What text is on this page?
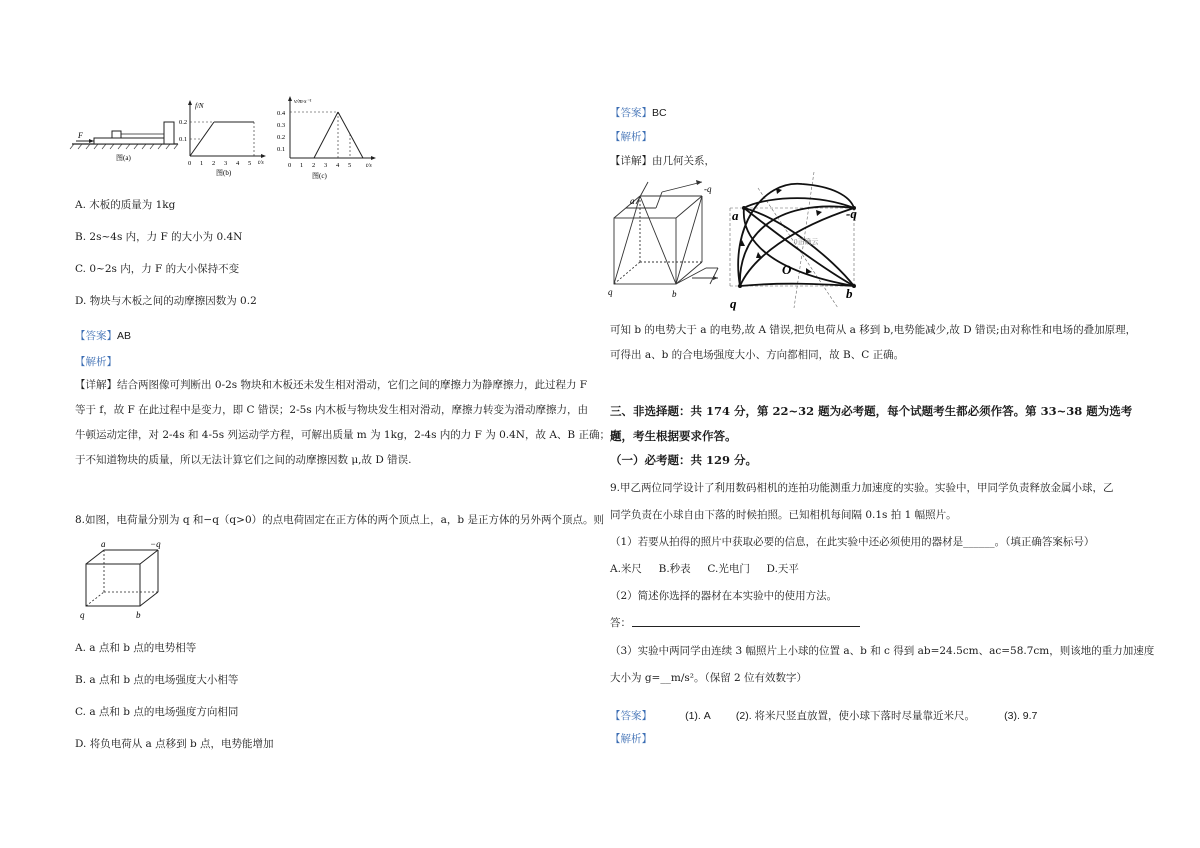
F
图(a)
f/N
0.2
0.1
0 1 2 3 4 5 t/s
图(b)
v/m·s⁻¹
0.4
0.3
0.2
0.1
0 1 2 3 4 5 t/s
图(c)
A. 木板的质量为 1kg
B. 2s~4s 内，力 F 的大小为 0.4N
C. 0~2s 内，力 F 的大小保持不变
D. 物块与木板之间的动摩擦因数为 0.2
【答案】AB
【解析】
【详解】结合两图像可判断出 0-2s 物块和木板还未发生相对滑动，它们之间的摩擦力为静摩擦力，此过程力 F
等于 f，故 F 在此过程中是变力，即 C 错误；2-5s 内木板与物块发生相对滑动，摩擦力转变为滑动摩擦力，由
牛顿运动定律，对 2-4s 和 4-5s 列运动学方程，可解出质量 m 为 1kg，2-4s 内的力 F 为 0.4N，故 A、B 正确；由
于不知道物块的质量，所以无法计算它们之间的动摩擦因数 μ,故 D 错误.
8.如图，电荷量分别为 q 和−q（q>0）的点电荷固定在正方体的两个顶点上，a，b 是正方体的另外两个顶点。则
a	−q
q	b
A. a 点和 b 点的电势相等
B. a 点和 b 点的电场强度大小相等
C. a 点和 b 点的电场强度方向相同
D. 将负电荷从 a 点移到 b 点，电势能增加
【答案】BC
【解析】
【详解】由几何关系，
a
-q
q	b
a	-q
q
b
O
0正确云
可知 b 的电势大于 a 的电势,故 A 错误,把负电荷从 a 移到 b,电势能减少,故 D 错误;由对称性和电场的叠加原理，
可得出 a、b 的合电场强度大小、方向都相同，故 B、C 正确。
三、非选择题：共 174 分，第 22~32 题为必考题，每个试题考生都必须作答。第 33~38 题为选考
题，考生根据要求作答。
（一）必考题：共 129 分。
9.甲乙两位同学设计了利用数码相机的连拍功能测重力加速度的实验。实验中，甲同学负责释放金属小球，乙
同学负责在小球自由下落的时候拍照。已知相机每间隔 0.1s 拍 1 幅照片。
（1）若要从拍得的照片中获取必要的信息，在此实验中还必须使用的器材是______。（填正确答案标号）
A.米尺     B.秒表     C.光电门     D.天平
（2）简述你选择的器材在本实验中的使用方法。
答：
（3）实验中两同学由连续 3 幅照片上小球的位置 a、b 和 c 得到 ab=24.5cm、ac=58.7cm，则该地的重力加速度
大小为 g=__m/s²。（保留 2 位有效数字）
【答案】	(1). A (2). 将米尺竖直放置，使小球下落时尽量靠近米尺。	(3). 9.7
【解析】
